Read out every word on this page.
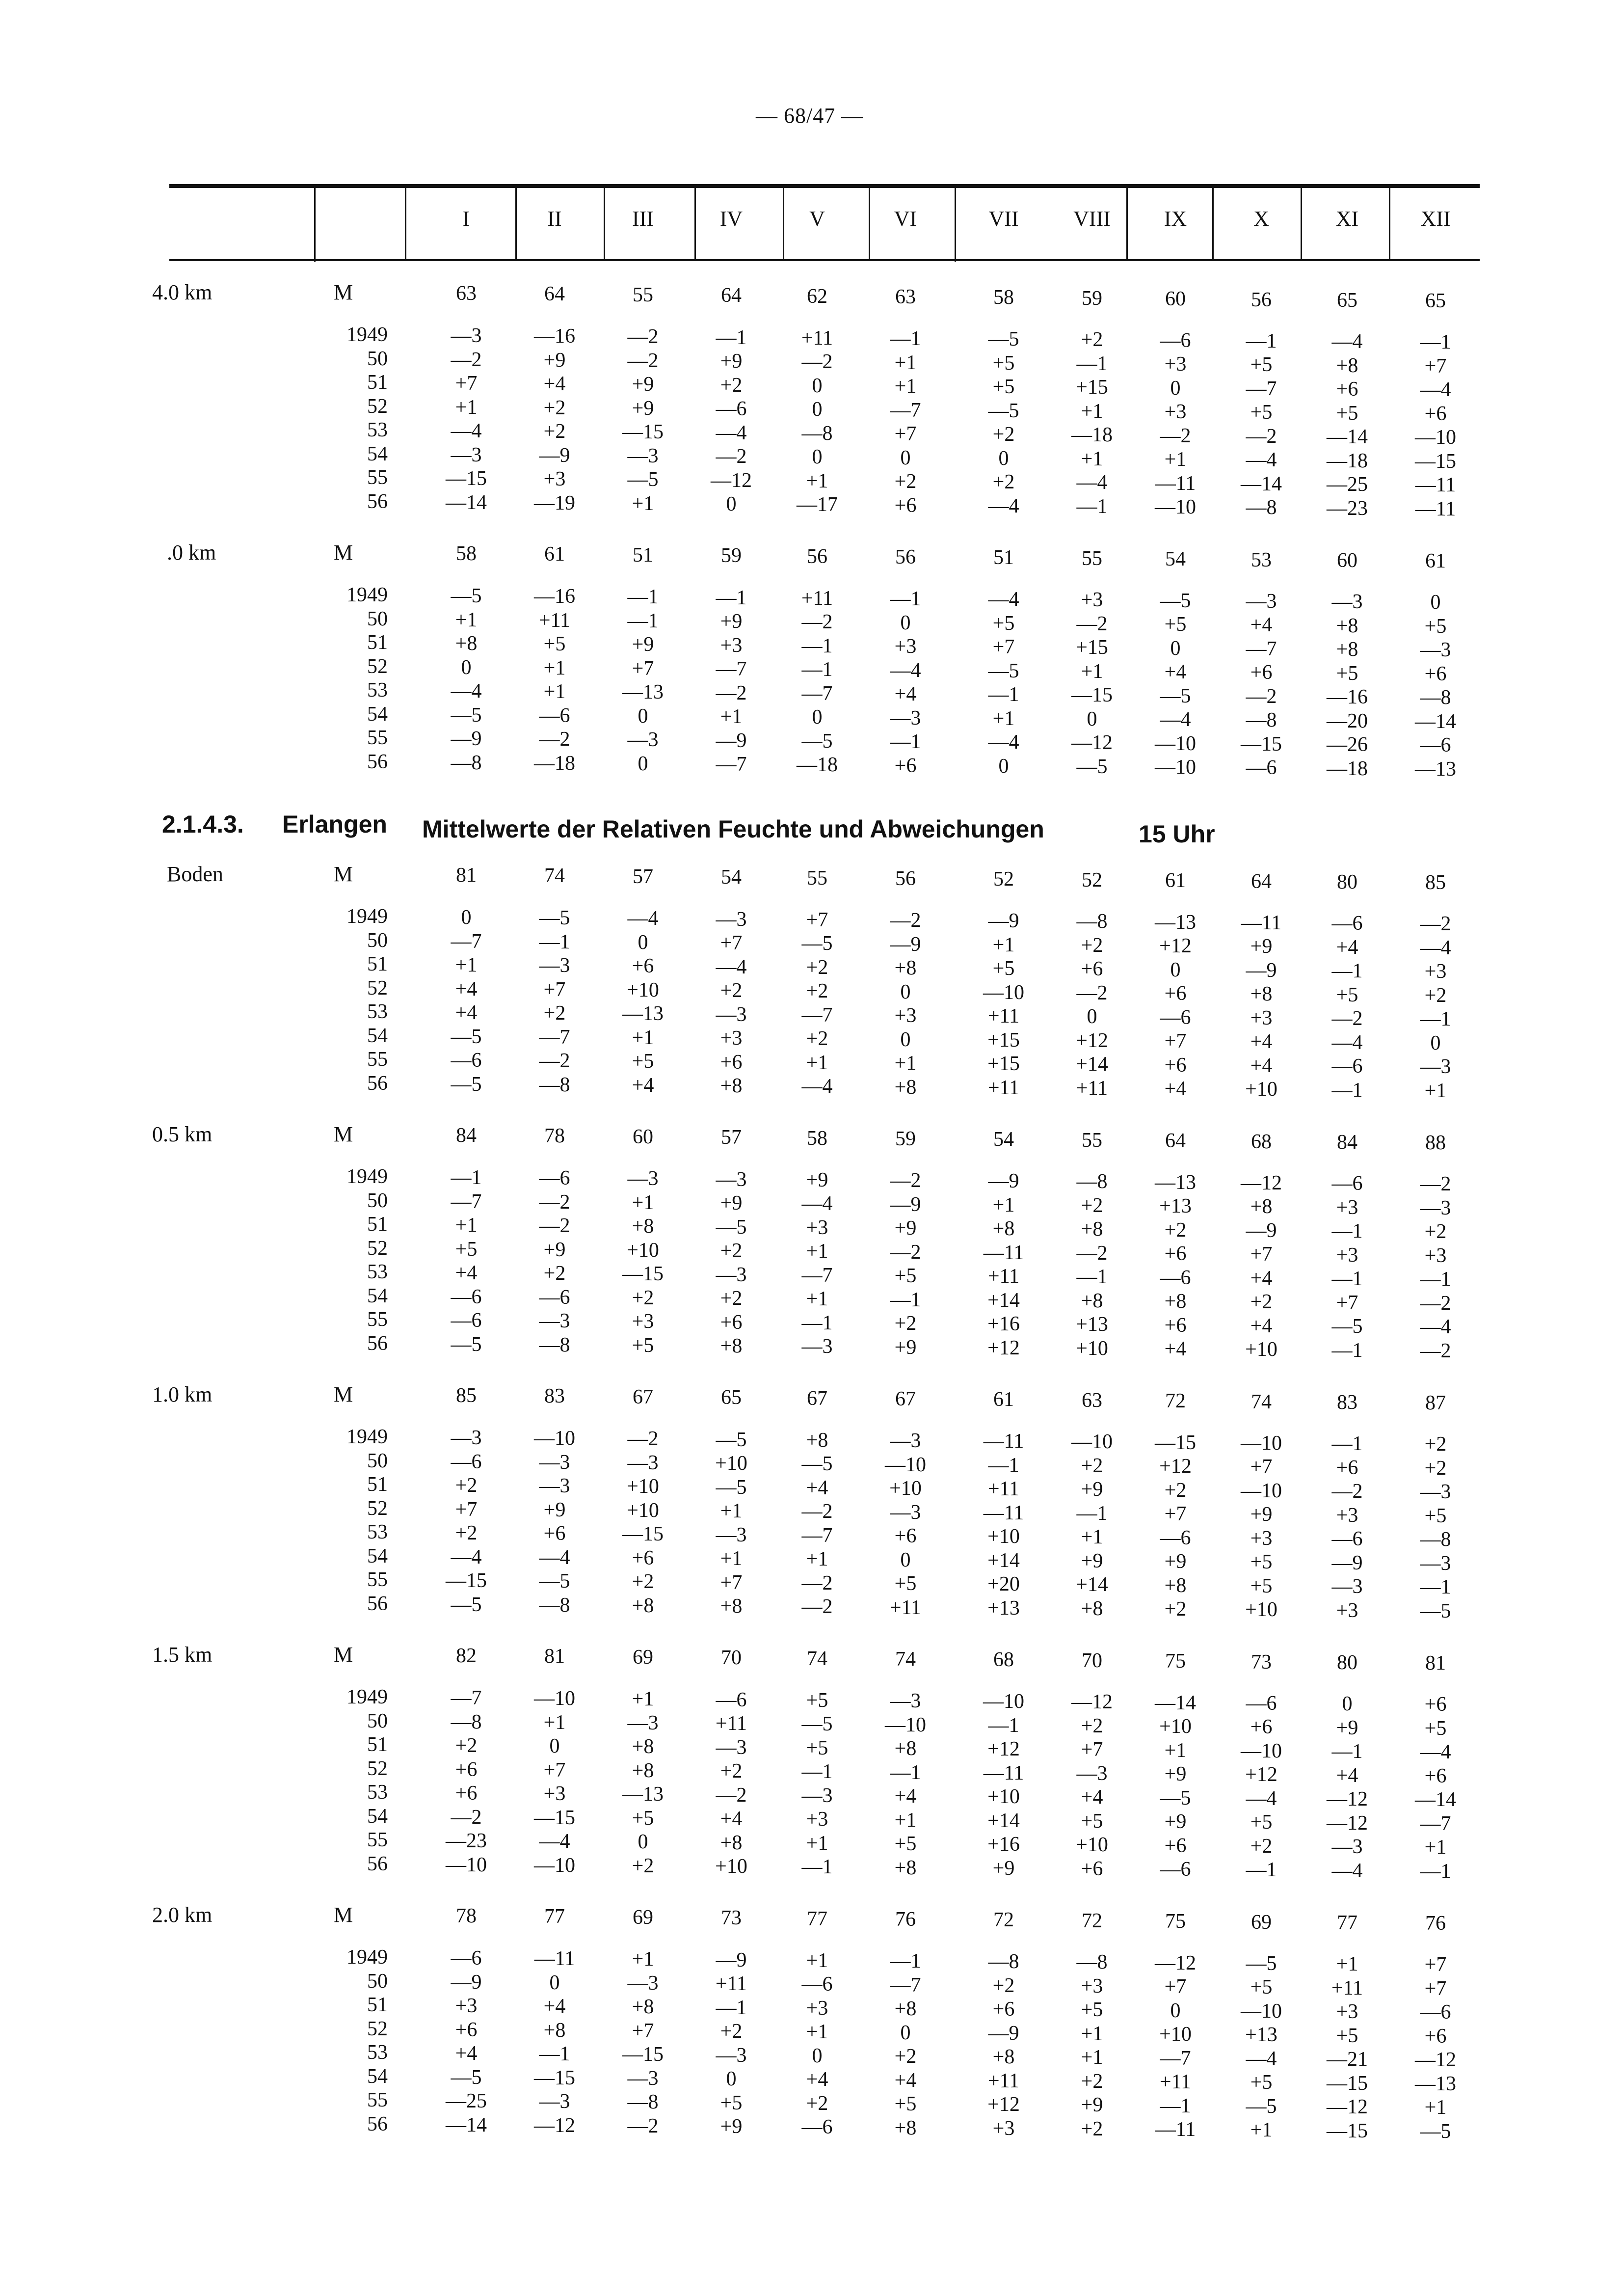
— 68/47 —
I	II	III	IV	V	VI	VII	VIII	IX	X	XI	XII
4.0 km	M	63	64	55	64	62	63	58	59	60	56	65	65
1949	—3	—16	—2	—1	+11	—1	—5	+2	—6	—1	—4	—1
50	—2	+9	—2	+9	—2	+1	+5	—1	+3	+5	+8	+7
51	+7	+4	+9	+2	0	+1	+5	+15	0	—7	+6	—4
52	+1	+2	+9	—6	0	—7	—5	+1	+3	+5	+5	+6
53	—4	+2	—15	—4	—8	+7	+2	—18	—2	—2	—14	—10
54	—3	—9	—3	—2	0	0	0	+1	+1	—4	—18	—15
55	—15	+3	—5	—12	+1	+2	+2	—4	—11	—14	—25	—11
56	—14	—19	+1	0	—17	+6	—4	—1	—10	—8	—23	—11
.0 km	M	58	61	51	59	56	56	51	55	54	53	60	61
1949	—5	—16	—1	—1	+11	—1	—4	+3	—5	—3	—3	0
50	+1	+11	—1	+9	—2	0	+5	—2	+5	+4	+8	+5
51	+8	+5	+9	+3	—1	+3	+7	+15	0	—7	+8	—3
52	0	+1	+7	—7	—1	—4	—5	+1	+4	+6	+5	+6
53	—4	+1	—13	—2	—7	+4	—1	—15	—5	—2	—16	—8
54	—5	—6	0	+1	0	—3	+1	0	—4	—8	—20	—14
55	—9	—2	—3	—9	—5	—1	—4	—12	—10	—15	—26	—6
56	—8	—18	0	—7	—18	+6	0	—5	—10	—6	—18	—13
Boden	M	81	74	57	54	55	56	52	52	61	64	80	85
1949	0	—5	—4	—3	+7	—2	—9	—8	—13	—11	—6	—2
50	—7	—1	0	+7	—5	—9	+1	+2	+12	+9	+4	—4
51	+1	—3	+6	—4	+2	+8	+5	+6	0	—9	—1	+3
52	+4	+7	+10	+2	+2	0	—10	—2	+6	+8	+5	+2
53	+4	+2	—13	—3	—7	+3	+11	0	—6	+3	—2	—1
54	—5	—7	+1	+3	+2	0	+15	+12	+7	+4	—4	0
55	—6	—2	+5	+6	+1	+1	+15	+14	+6	+4	—6	—3
56	—5	—8	+4	+8	—4	+8	+11	+11	+4	+10	—1	+1
0.5 km	M	84	78	60	57	58	59	54	55	64	68	84	88
1949	—1	—6	—3	—3	+9	—2	—9	—8	—13	—12	—6	—2
50	—7	—2	+1	+9	—4	—9	+1	+2	+13	+8	+3	—3
51	+1	—2	+8	—5	+3	+9	+8	+8	+2	—9	—1	+2
52	+5	+9	+10	+2	+1	—2	—11	—2	+6	+7	+3	+3
53	+4	+2	—15	—3	—7	+5	+11	—1	—6	+4	—1	—1
54	—6	—6	+2	+2	+1	—1	+14	+8	+8	+2	+7	—2
55	—6	—3	+3	+6	—1	+2	+16	+13	+6	+4	—5	—4
56	—5	—8	+5	+8	—3	+9	+12	+10	+4	+10	—1	—2
1.0 km	M	85	83	67	65	67	67	61	63	72	74	83	87
1949	—3	—10	—2	—5	+8	—3	—11	—10	—15	—10	—1	+2
50	—6	—3	—3	+10	—5	—10	—1	+2	+12	+7	+6	+2
51	+2	—3	+10	—5	+4	+10	+11	+9	+2	—10	—2	—3
52	+7	+9	+10	+1	—2	—3	—11	—1	+7	+9	+3	+5
53	+2	+6	—15	—3	—7	+6	+10	+1	—6	+3	—6	—8
54	—4	—4	+6	+1	+1	0	+14	+9	+9	+5	—9	—3
55	—15	—5	+2	+7	—2	+5	+20	+14	+8	+5	—3	—1
56	—5	—8	+8	+8	—2	+11	+13	+8	+2	+10	+3	—5
1.5 km	M	82	81	69	70	74	74	68	70	75	73	80	81
1949	—7	—10	+1	—6	+5	—3	—10	—12	—14	—6	0	+6
50	—8	+1	—3	+11	—5	—10	—1	+2	+10	+6	+9	+5
51	+2	0	+8	—3	+5	+8	+12	+7	+1	—10	—1	—4
52	+6	+7	+8	+2	—1	—1	—11	—3	+9	+12	+4	+6
53	+6	+3	—13	—2	—3	+4	+10	+4	—5	—4	—12	—14
54	—2	—15	+5	+4	+3	+1	+14	+5	+9	+5	—12	—7
55	—23	—4	0	+8	+1	+5	+16	+10	+6	+2	—3	+1
56	—10	—10	+2	+10	—1	+8	+9	+6	—6	—1	—4	—1
2.0 km	M	78	77	69	73	77	76	72	72	75	69	77	76
1949	—6	—11	+1	—9	+1	—1	—8	—8	—12	—5	+1	+7
50	—9	0	—3	+11	—6	—7	+2	+3	+7	+5	+11	+7
51	+3	+4	+8	—1	+3	+8	+6	+5	0	—10	+3	—6
52	+6	+8	+7	+2	+1	0	—9	+1	+10	+13	+5	+6
53	+4	—1	—15	—3	0	+2	+8	+1	—7	—4	—21	—12
54	—5	—15	—3	0	+4	+4	+11	+2	+11	+5	—15	—13
55	—25	—3	—8	+5	+2	+5	+12	+9	—1	—5	—12	+1
56	—14	—12	—2	+9	—6	+8	+3	+2	—11	+1	—15	—5
2.1.4.3. Erlangen Mittelwerte der Relativen Feuchte und Abweichungen	15 Uhr
